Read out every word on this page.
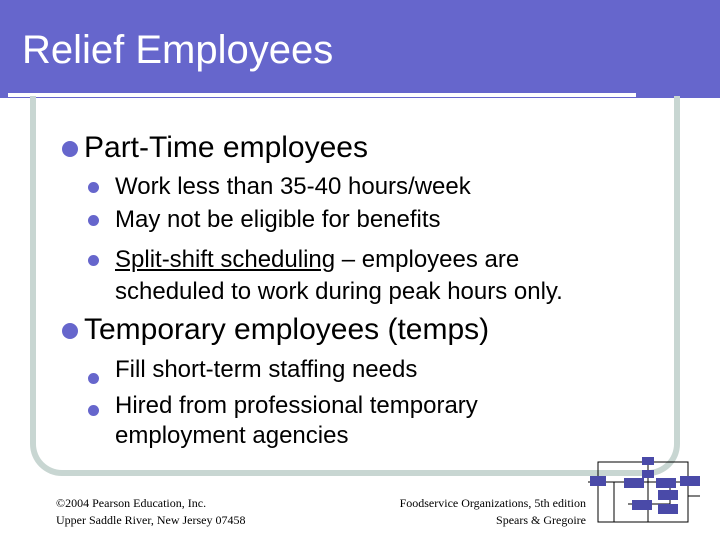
Relief Employees
Part-Time employees
Work less than 35-40 hours/week
May not be eligible for benefits
Split-shift scheduling – employees are
scheduled to work during peak hours only.
Temporary employees (temps)
Fill short-term staffing needs
Hired from professional temporary
employment agencies
©2004 Pearson Education, Inc.
Upper Saddle River, New Jersey 07458
Foodservice Organizations, 5th edition
Spears & Gregoire
